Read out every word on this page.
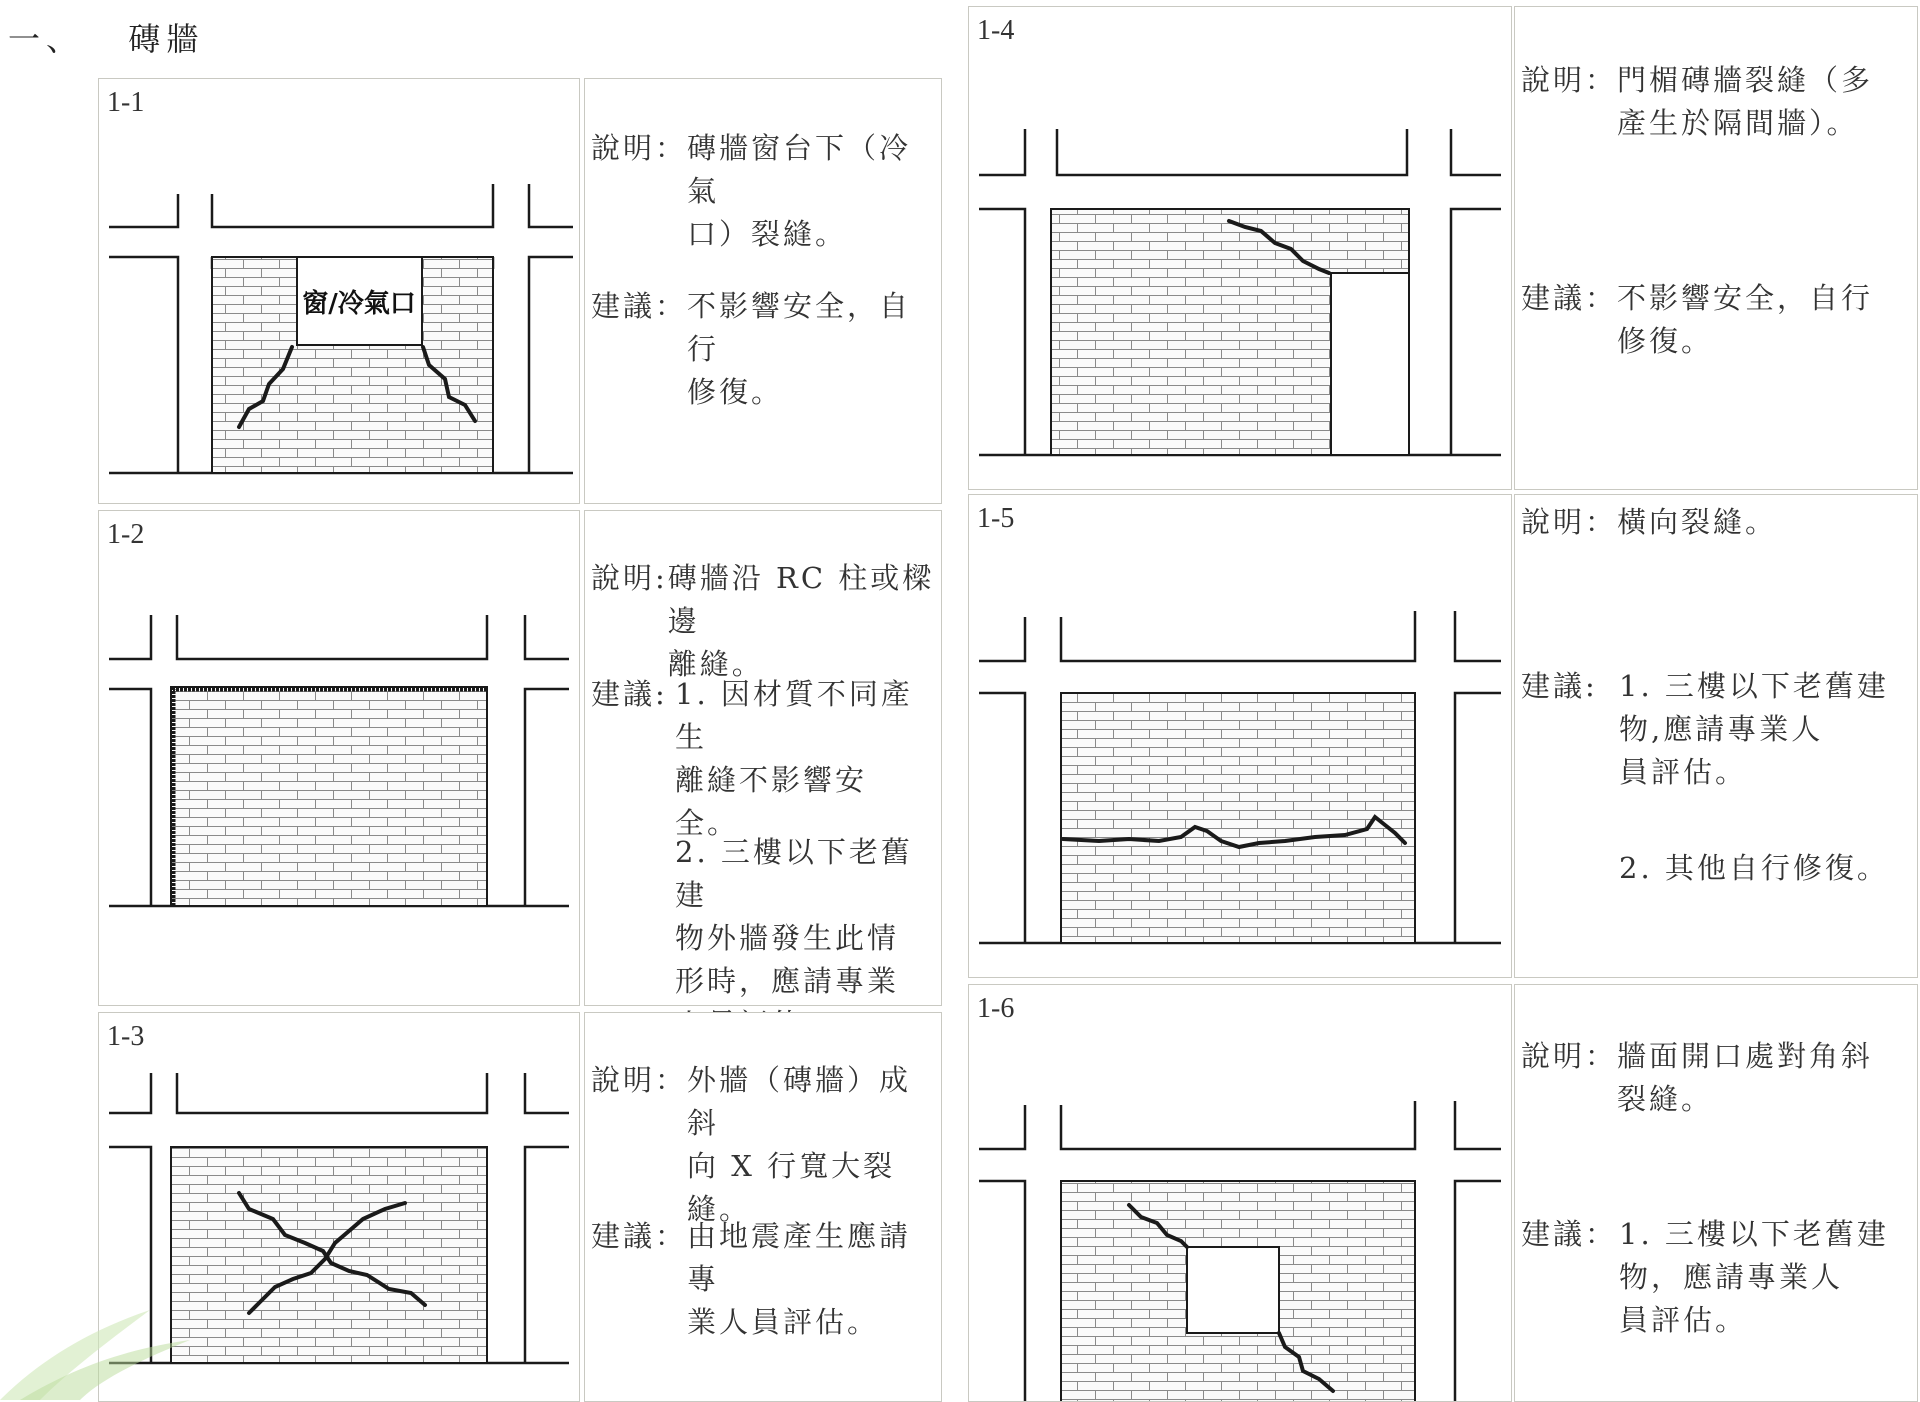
一、 磚牆
1-1
窗/冷氣口
說明： 磚牆窗台下（冷氣
口）裂縫。
建議： 不影響安全，自行
修復。
1-2
說明: 磚牆沿 RC 柱或樑邊
離縫。
建議: 1. 因材質不同產生
離縫不影響安
全。
2. 三樓以下老舊建
物外牆發生此情
形時，應請專業

1-3
說明： 外牆（磚牆）成斜
向 X 行寬大裂縫。
建議： 由地震產生應請專
業人員評估。
1-4
說明： 門楣磚牆裂縫（多
產生於隔間牆）。
建議： 不影響安全，自行
修復。
1-5	說明： 橫向裂縫。
建議: 1. 三樓以下老舊建
物,應請專業人
員評估。
2. 其他自行修復。
1-6
說明： 牆面開口處對角斜
裂縫。
建議： 1. 三樓以下老舊建
物，應請專業人
員評估。
